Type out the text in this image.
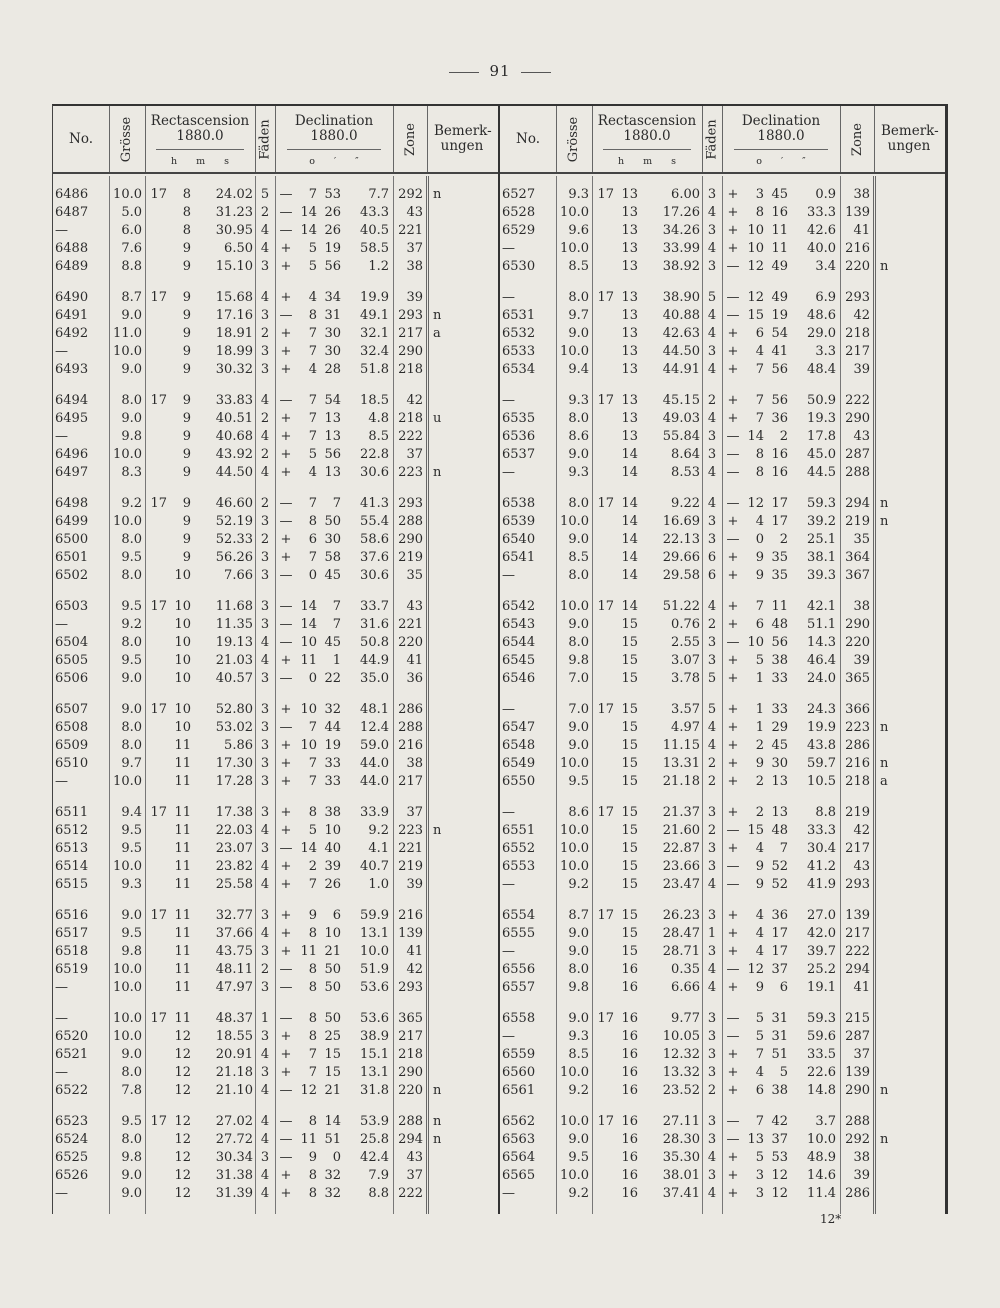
91
No. Grösse Rectascension
1880.0
h m s
Fäden Declination
1880.0
o ′ ″
Zone Bemerk- ungen
6486	10.0 17	8	24.02 5 —	7 53	7.7 292 n
6487	5.0	8	31.23 2 — 14 26	43.3	43
—	6.0	8	30.95 4 — 14 26	40.5 221
6488	7.6	9	6.50 4 +	5 19	58.5	37
6489	8.8	9	15.10 3 +	5 56	1.2	38
6490	8.7 17	9	15.68 4 +	4 34	19.9	39
6491	9.0	9	17.16 3 —	8 31	49.1 293 n
6492	11.0	9	18.91 2 +	7 30	32.1 217 a
—	10.0	9	18.99 3 +	7 30	32.4 290
6493	9.0	9	30.32 3 +	4 28	51.8 218
6494	8.0 17	9	33.83 4 —	7 54	18.5	42
6495	9.0	9	40.51 2 +	7 13	4.8 218 u
—	9.8	9	40.68 4 +	7 13	8.5 222
6496	10.0	9	43.92 2 +	5 56	22.8	37
6497	8.3	9	44.50 4 +	4 13	30.6 223 n
6498	9.2 17	9	46.60 2 —	7	7	41.3 293
6499	10.0	9	52.19 3 —	8 50	55.4 288
6500	8.0	9	52.33 2 +	6 30	58.6 290
6501	9.5	9	56.26 3 +	7 58	37.6 219
6502	8.0	10	7.66 3 —	0 45	30.6	35
6503	9.5 17 10	11.68 3 — 14	7	33.7	43
—	9.2	10	11.35 3 — 14	7	31.6 221
6504	8.0	10	19.13 4 — 10 45	50.8 220
6505	9.5	10	21.03 4 + 11	1	44.9	41
6506	9.0	10	40.57 3 —	0 22	35.0	36
6507	9.0 17 10	52.80 3 + 10 32	48.1 286
6508	8.0	10	53.02 3 —	7 44	12.4 288
6509	8.0	11	5.86 3 + 10 19	59.0 216
6510	9.7	11	17.30 3 +	7 33	44.0	38
—	10.0	11	17.28 3 +	7 33	44.0 217
6511	9.4 17 11	17.38 3 +	8 38	33.9	37
6512	9.5	11	22.03 4 +	5 10	9.2 223 n
6513	9.5	11	23.07 3 — 14 40	4.1 221
6514	10.0	11	23.82 4 +	2 39	40.7 219
6515	9.3	11	25.58 4 +	7 26	1.0	39
6516	9.0 17 11	32.77 3 +	9	6	59.9 216
6517	9.5	11	37.66 4 +	8 10	13.1 139
6518	9.8	11	43.75 3 + 11 21	10.0	41
6519	10.0	11	48.11 2 —	8 50	51.9	42
—	10.0	11	47.97 3 —	8 50	53.6 293
—	10.0 17 11	48.37 1 —	8 50	53.6 365
6520	10.0	12	18.55 3 +	8 25	38.9 217
6521	9.0	12	20.91 4 +	7 15	15.1 218
—	8.0	12	21.18 3 +	7 15	13.1 290
6522	7.8	12	21.10 4 — 12 21	31.8 220 n
6523	9.5 17 12	27.02 4 —	8 14	53.9 288 n
6524	8.0	12	27.72 4 — 11 51	25.8 294 n
6525	9.8	12	30.34 3 —	9	0	42.4	43
6526	9.0	12	31.38 4 +	8 32	7.9	37
—	9.0	12	31.39 4 +	8 32	8.8 222
No. Grösse Rectascension
1880.0
h m s
Fäden Declination
1880.0
o ′ ″
Zone Bemerk- ungen
6527	9.3 17 13	6.00 3 +	3 45	0.9	38
6528	10.0	13	17.26 4 +	8 16	33.3 139
6529	9.6	13	34.26 3 + 10 11	42.6	41
—	10.0	13	33.99 4 + 10 11	40.0 216
6530	8.5	13	38.92 3 — 12 49	3.4 220 n
—	8.0 17 13	38.90 5 — 12 49	6.9 293
6531	9.7	13	40.88 4 — 15 19	48.6	42
6532	9.0	13	42.63 4 +	6 54	29.0 218
6533	10.0	13	44.50 3 +	4 41	3.3 217
6534	9.4	13	44.91 4 +	7 56	48.4	39
—	9.3 17 13	45.15 2 +	7 56	50.9 222
6535	8.0	13	49.03 4 +	7 36	19.3 290
6536	8.6	13	55.84 3 — 14	2	17.8	43
6537	9.0	14	8.64 3 —	8 16	45.0 287
—	9.3	14	8.53 4 —	8 16	44.5 288
6538	8.0 17 14	9.22 4 — 12 17	59.3 294 n
6539	10.0	14	16.69 3 +	4 17	39.2 219 n
6540	9.0	14	22.13 3 —	0	2	25.1	35
6541	8.5	14	29.66 6 +	9 35	38.1 364
—	8.0	14	29.58 6 +	9 35	39.3 367
6542	10.0 17 14	51.22 4 +	7 11	42.1	38
6543	9.0	15	0.76 2 +	6 48	51.1 290
6544	8.0	15	2.55 3 — 10 56	14.3 220
6545	9.8	15	3.07 3 +	5 38	46.4	39
6546	7.0	15	3.78 5 +	1 33	24.0 365
—	7.0 17 15	3.57 5 +	1 33	24.3 366
6547	9.0	15	4.97 4 +	1 29	19.9 223 n
6548	9.0	15	11.15 4 +	2 45	43.8 286
6549	10.0	15	13.31 2 +	9 30	59.7 216 n
6550	9.5	15	21.18 2 +	2 13	10.5 218 a
—	8.6 17 15	21.37 3 +	2 13	8.8 219
6551	10.0	15	21.60 2 — 15 48	33.3	42
6552	10.0	15	22.87 3 +	4	7	30.4 217
6553	10.0	15	23.66 3 —	9 52	41.2	43
—	9.2	15	23.47 4 —	9 52	41.9 293
6554	8.7 17 15	26.23 3 +	4 36	27.0 139
6555	9.0	15	28.47 1 +	4 17	42.0 217
—	9.0	15	28.71 3 +	4 17	39.7 222
6556	8.0	16	0.35 4 — 12 37	25.2 294
6557	9.8	16	6.66 4 +	9	6	19.1	41
6558	9.0 17 16	9.77 3 —	5 31	59.3 215
—	9.3	16	10.05 3 —	5 31	59.6 287
6559	8.5	16	12.32 3 +	7 51	33.5	37
6560	10.0	16	13.32 3 +	4	5	22.6 139
6561	9.2	16	23.52 2 +	6 38	14.8 290 n
6562	10.0 17 16	27.11 3 —	7 42	3.7 288
6563	9.0	16	28.30 3 — 13 37	10.0 292 n
6564	9.5	16	35.30 4 +	5 53	48.9	38
6565	10.0	16	38.01 3 +	3 12	14.6	39
—	9.2	16	37.41 4 +	3 12	11.4 286
12*
